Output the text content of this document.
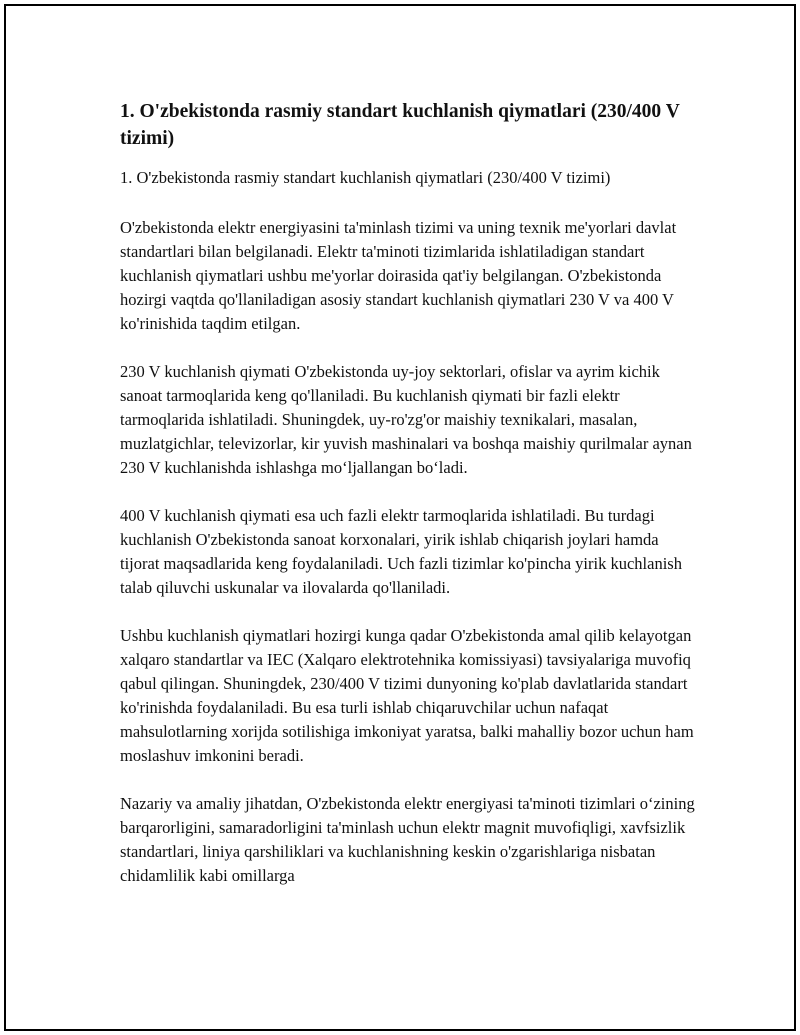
1. O'zbekistonda rasmiy standart kuchlanish qiymatlari (230/400 V tizimi)
1. O'zbekistonda rasmiy standart kuchlanish qiymatlari (230/400 V tizimi)

O'zbekistonda elektr energiyasini ta'minlash tizimi va uning texnik me'yorlari davlat standartlari bilan belgilanadi. Elektr ta'minoti tizimlarida ishlatiladigan standart kuchlanish qiymatlari ushbu me'yorlar doirasida qat'iy belgilangan. O'zbekistonda hozirgi vaqtda qo'llaniladigan asosiy standart kuchlanish qiymatlari 230 V va 400 V ko'rinishida taqdim etilgan.

230 V kuchlanish qiymati O'zbekistonda uy-joy sektorlari, ofislar va ayrim kichik sanoat tarmoqlarida keng qo'llaniladi. Bu kuchlanish qiymati bir fazli elektr tarmoqlarida ishlatiladi. Shuningdek, uy-ro'zg'or maishiy texnikalari, masalan, muzlatgichlar, televizorlar, kir yuvish mashinalari va boshqa maishiy qurilmalar aynan 230 V kuchlanishda ishlashga mo‘ljallangan bo‘ladi.

400 V kuchlanish qiymati esa uch fazli elektr tarmoqlarida ishlatiladi. Bu turdagi kuchlanish O'zbekistonda sanoat korxonalari, yirik ishlab chiqarish joylari hamda tijorat maqsadlarida keng foydalaniladi. Uch fazli tizimlar ko'pincha yirik kuchlanish talab qiluvchi uskunalar va ilovalarda qo'llaniladi.

Ushbu kuchlanish qiymatlari hozirgi kunga qadar O'zbekistonda amal qilib kelayotgan xalqaro standartlar va IEC (Xalqaro elektrotehnika komissiyasi) tavsiyalariga muvofiq qabul qilingan. Shuningdek, 230/400 V tizimi dunyoning ko'plab davlatlarida standart ko'rinishda foydalaniladi. Bu esa turli ishlab chiqaruvchilar uchun nafaqat mahsulotlarning xorijda sotilishiga imkoniyat yaratsa, balki mahalliy bozor uchun ham moslashuv imkonini beradi.

Nazariy va amaliy jihatdan, O'zbekistonda elektr energiyasi ta'minoti tizimlari o‘zining barqarorligini, samaradorligini ta'minlash uchun elektr magnit muvofiqligi, xavfsizlik standartlari, liniya qarshiliklari va kuchlanishning keskin o'zgarishlariga nisbatan chidamlilik kabi omillarga
